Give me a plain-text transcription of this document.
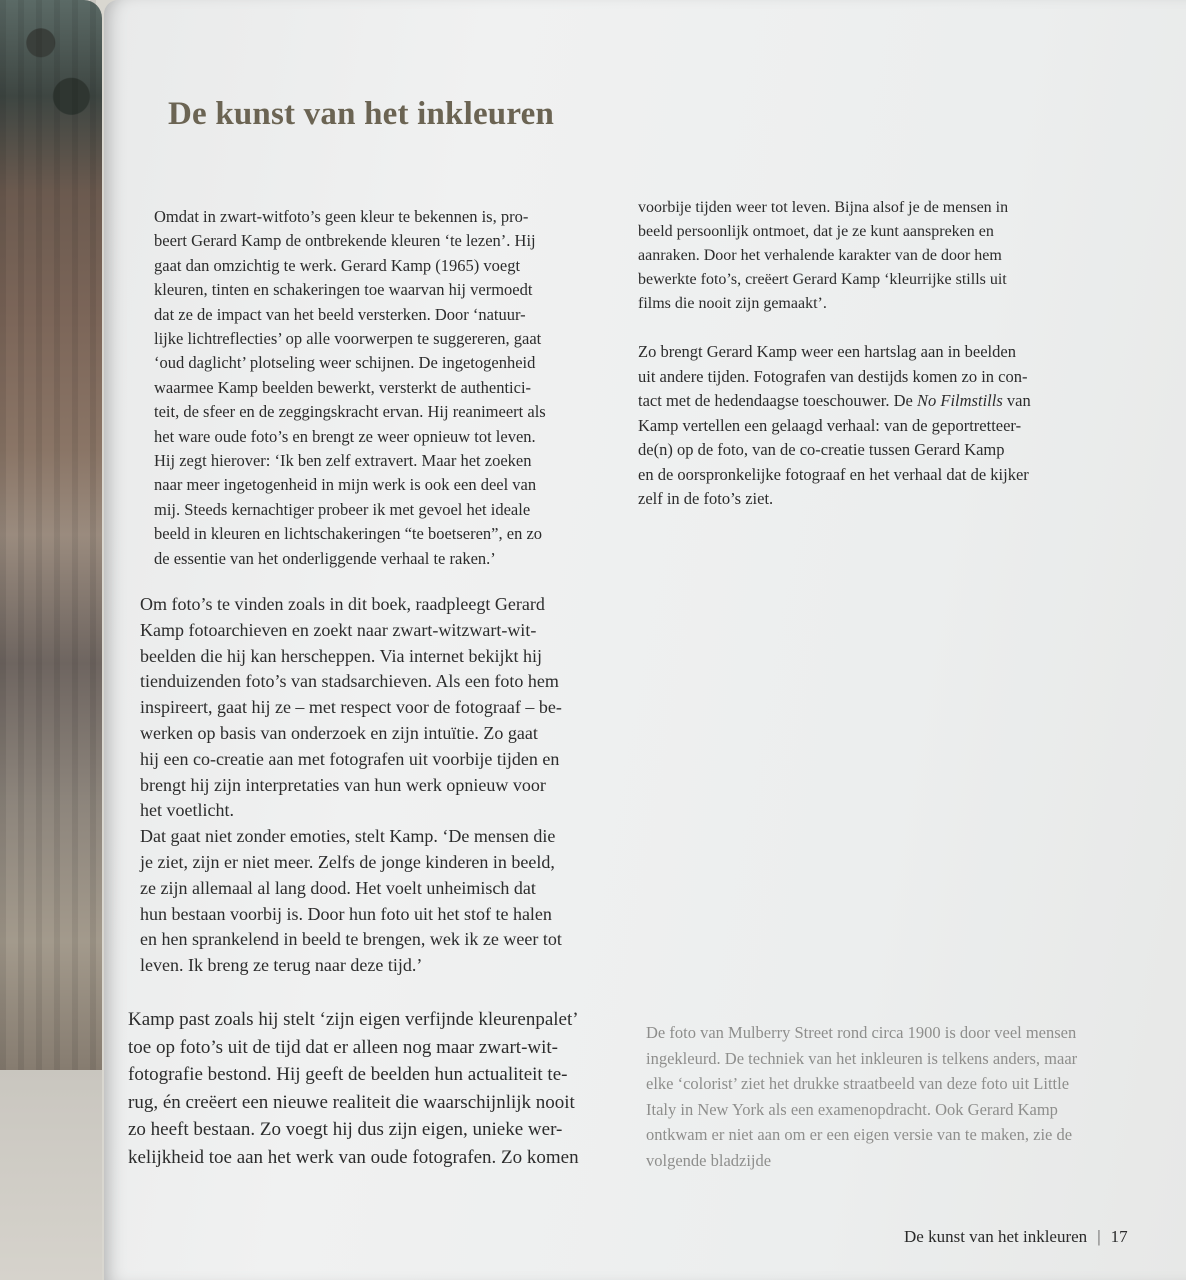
De kunst van het inkleuren

Omdat in zwart-witfoto’s geen kleur te bekennen is, pro-

beert Gerard Kamp de ontbrekende kleuren ‘te lezen’. Hij

gaat dan omzichtig te werk. Gerard Kamp (1965) voegt

kleuren, tinten en schakeringen toe waarvan hij vermoedt

dat ze de impact van het beeld versterken. Door ‘natuur-

lijke lichtreflecties’ op alle voorwerpen te suggereren, gaat

‘oud daglicht’ plotseling weer schijnen. De ingetogenheid

waarmee Kamp beelden bewerkt, versterkt de authentici-

teit, de sfeer en de zeggingskracht ervan. Hij reanimeert als

het ware oude foto’s en brengt ze weer opnieuw tot leven.

Hij zegt hierover: ‘Ik ben zelf extravert. Maar het zoeken

naar meer ingetogenheid in mijn werk is ook een deel van

mij. Steeds kernachtiger probeer ik met gevoel het ideale

beeld in kleuren en lichtschakeringen “te boetseren”, en zo

de essentie van het onderliggende verhaal te raken.’

Om foto’s te vinden zoals in dit boek, raadpleegt Gerard

Kamp fotoarchieven en zoekt naar zwart-witzwart-wit-

beelden die hij kan herscheppen. Via internet bekijkt hij

tienduizenden foto’s van stadsarchieven. Als een foto hem

inspireert, gaat hij ze – met respect voor de fotograaf – be-

werken op basis van onderzoek en zijn intuïtie. Zo gaat

hij een co-creatie aan met fotografen uit voorbije tijden en

brengt hij zijn interpretaties van hun werk opnieuw voor

het voetlicht.

Dat gaat niet zonder emoties, stelt Kamp. ‘De mensen die

je ziet, zijn er niet meer. Zelfs de jonge kinderen in beeld,

ze zijn allemaal al lang dood. Het voelt unheimisch dat

hun bestaan voorbij is. Door hun foto uit het stof te halen

en hen sprankelend in beeld te brengen, wek ik ze weer tot

leven. Ik breng ze terug naar deze tijd.’

Kamp past zoals hij stelt ‘zijn eigen verfijnde kleurenpalet’

toe op foto’s uit de tijd dat er alleen nog maar zwart-wit-

fotografie bestond. Hij geeft de beelden hun actualiteit te-

rug, én creëert een nieuwe realiteit die waarschijnlijk nooit

zo heeft bestaan. Zo voegt hij dus zijn eigen, unieke wer-

kelijkheid toe aan het werk van oude fotografen. Zo komen

voorbije tijden weer tot leven. Bijna alsof je de mensen in

beeld persoonlijk ontmoet, dat je ze kunt aanspreken en

aanraken. Door het verhalende karakter van de door hem

bewerkte foto’s, creëert Gerard Kamp ‘kleurrijke stills uit

films die nooit zijn gemaakt’.

Zo brengt Gerard Kamp weer een hartslag aan in beelden

uit andere tijden. Fotografen van destijds komen zo in con-

tact met de hedendaagse toeschouwer. De No Filmstills van

Kamp vertellen een gelaagd verhaal: van de geportretteer-

de(n) op de foto, van de co-creatie tussen Gerard Kamp

en de oorspronkelijke fotograaf en het verhaal dat de kijker

zelf in de foto’s ziet.

De foto van Mulberry Street rond circa 1900 is door veel mensen

ingekleurd. De techniek van het inkleuren is telkens anders, maar

elke ‘colorist’ ziet het drukke straatbeeld van deze foto uit Little

Italy in New York als een examenopdracht. Ook Gerard Kamp

ontkwam er niet aan om er een eigen versie van te maken, zie de

volgende bladzijde

De kunst van het inkleuren | 17
